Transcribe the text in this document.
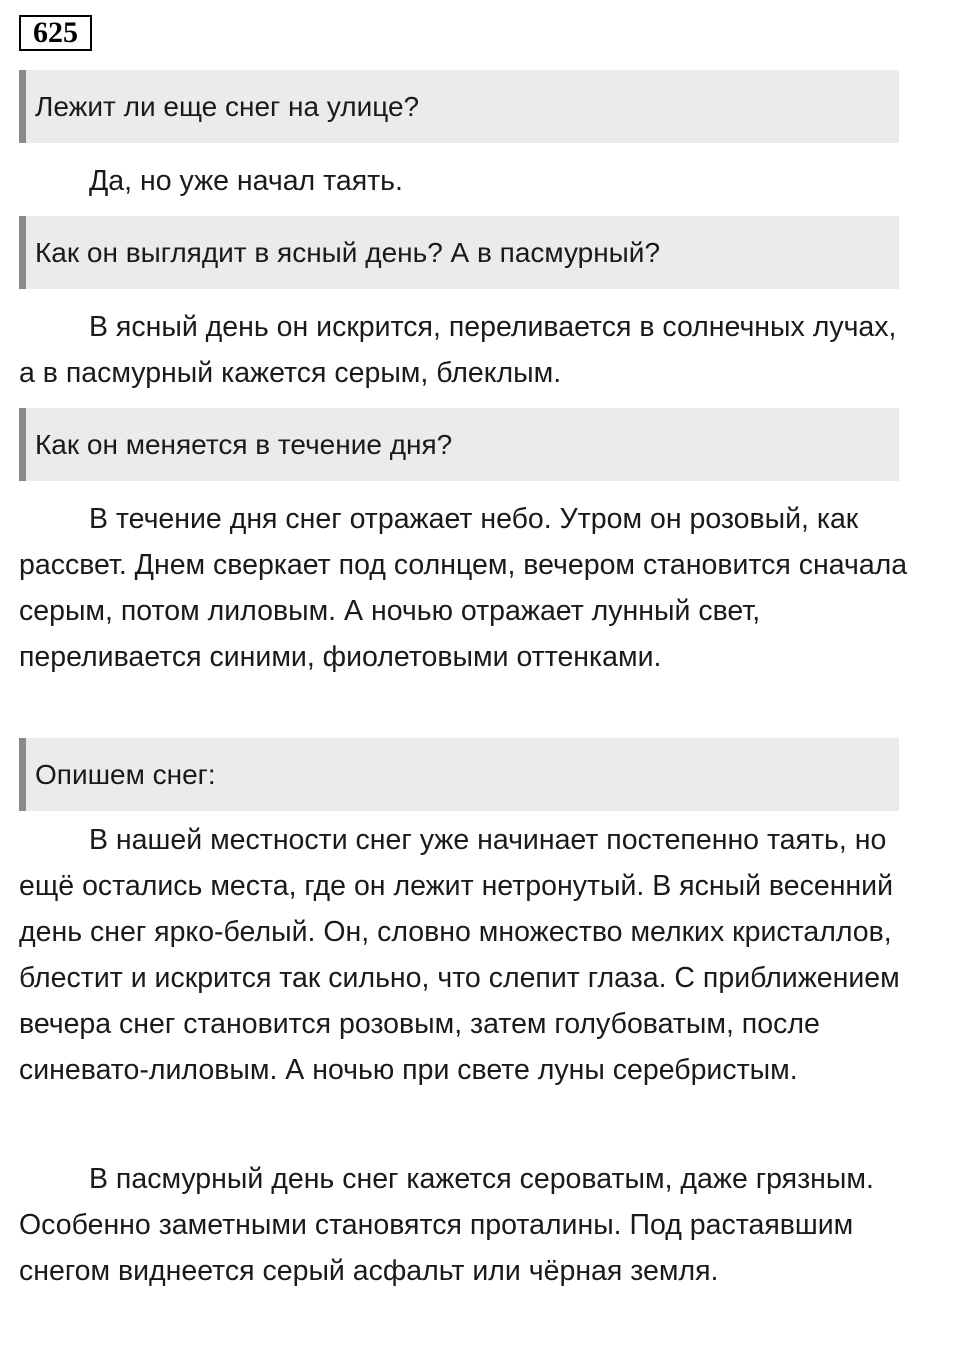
625
Лежит ли еще снег на улице?

Да, но уже начал таять.

Как он выглядит в ясный день? А в пасмурный?

В ясный день он искрится, переливается в солнечных лучах, а в пасмурный кажется серым, блеклым.

Как он меняется в течение дня?

В течение дня снег отражает небо. Утром он розовый, как рассвет. Днем сверкает под солнцем, вечером становится сначала серым, потом лиловым. А ночью отражает лунный свет, переливается синими, фиолетовыми оттенками.

Опишем снег:

В нашей местности снег уже начинает постепенно таять, но ещё остались места, где он лежит нетронутый. В ясный весенний день снег ярко-белый. Он, словно множество мелких кристаллов, блестит и искрится так сильно, что слепит глаза. С приближением вечера снег становится розовым, затем голубоватым, после синевато-лиловым. А ночью при свете луны серебристым.

В пасмурный день снег кажется сероватым, даже грязным. Особенно заметными становятся проталины. Под растаявшим снегом виднеется серый асфальт или чёрная земля.
